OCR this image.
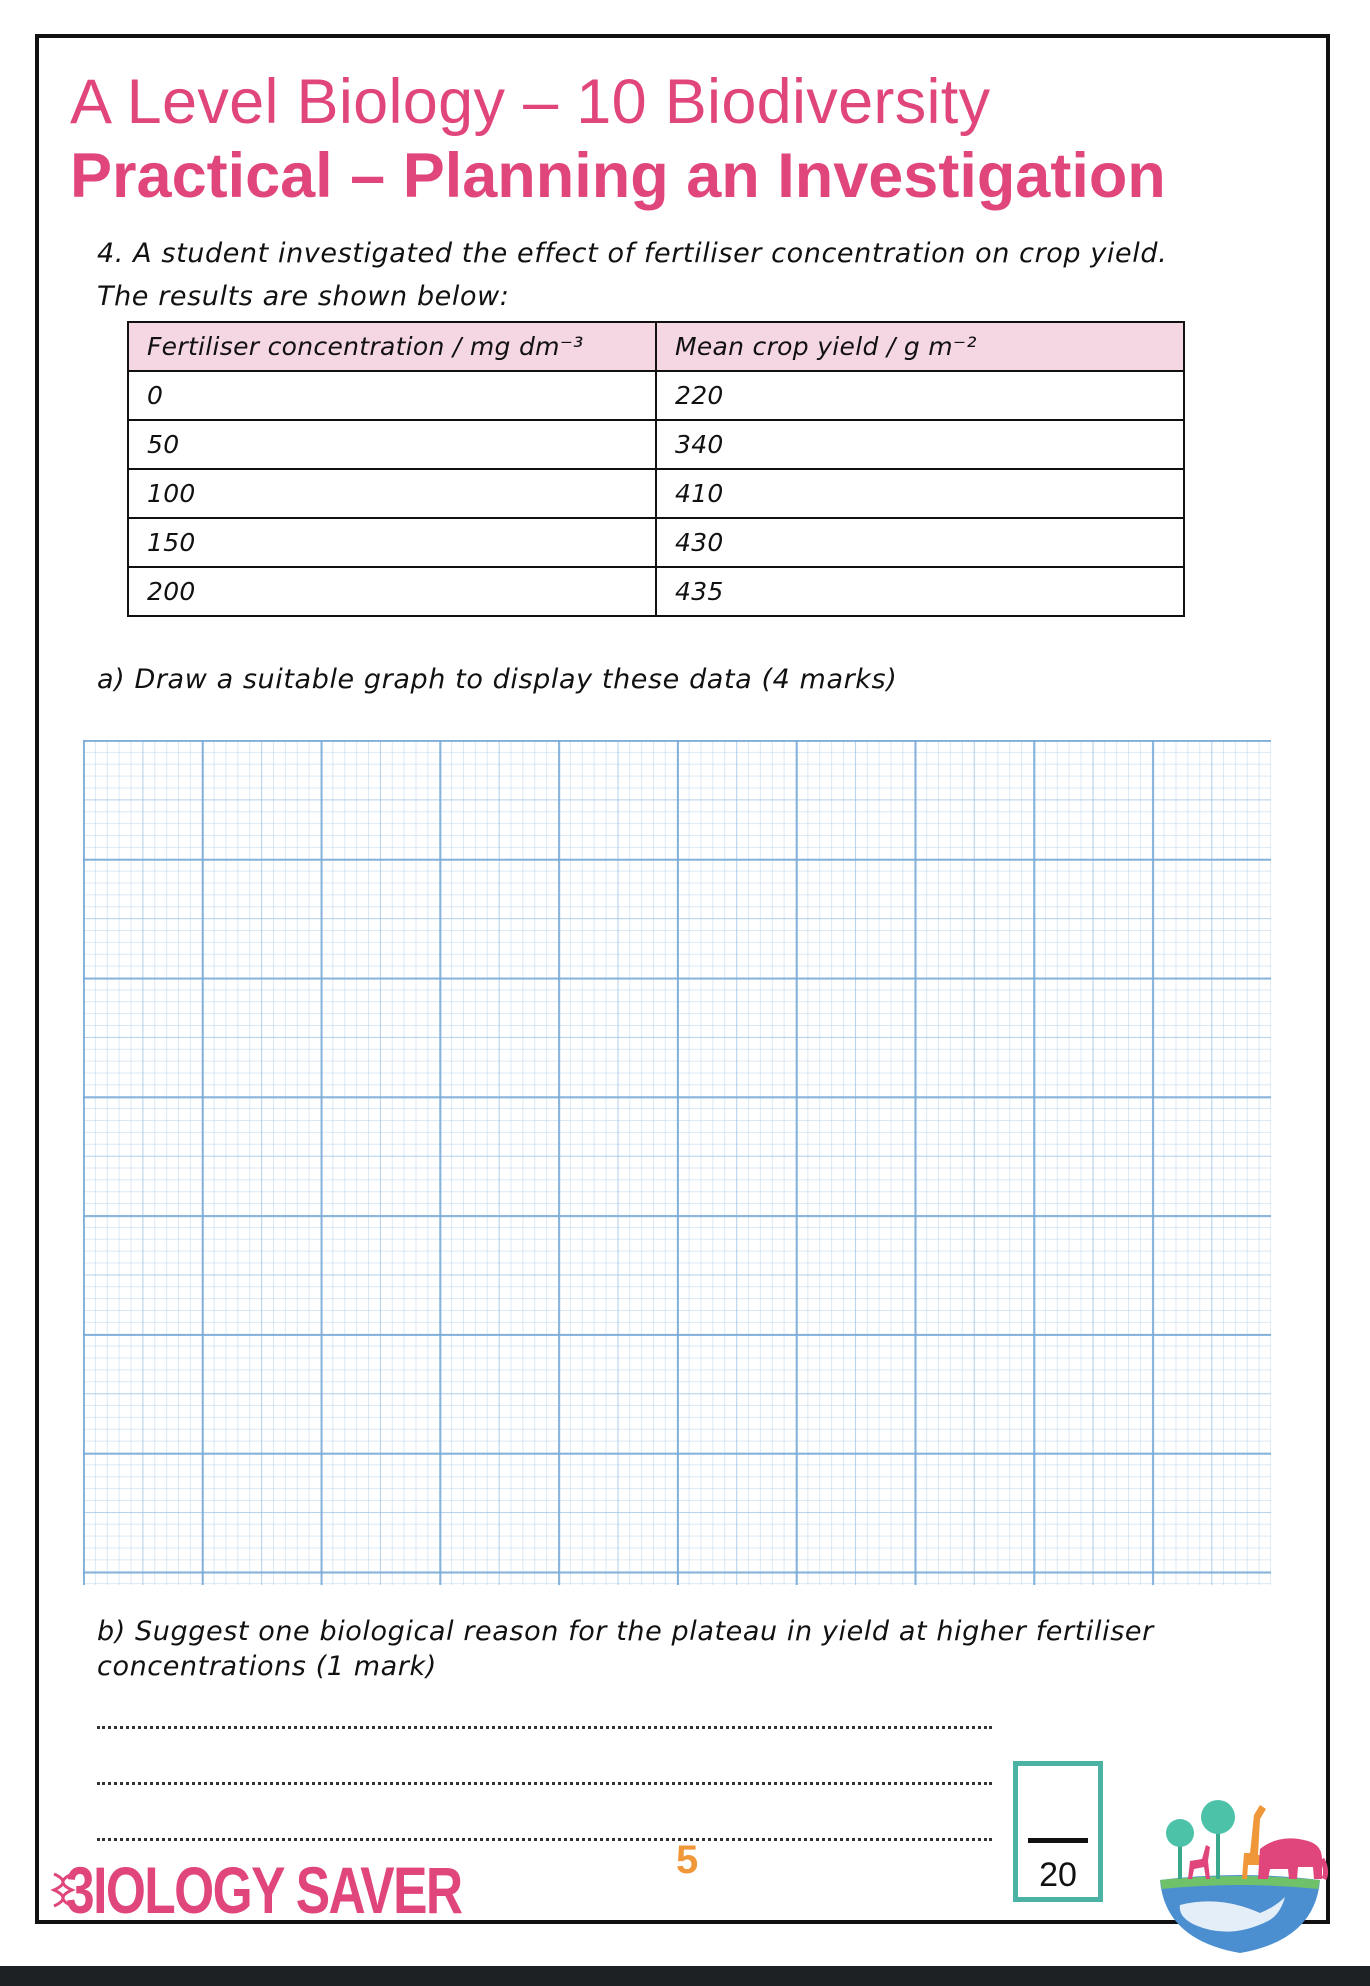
A Level Biology – 10 Biodiversity
Practical – Planning an Investigation
4. A student investigated the effect of fertiliser concentration on crop yield.
The results are shown below:
Fertiliser concentration / mg dm⁻³	Mean crop yield / g m⁻²
0	220
50	340
100	410
150	430
200	435
a) Draw a suitable graph to display these data (4 marks)
b) Suggest one biological reason for the plateau in yield at higher fertiliser
concentrations (1 mark)
20
5
3IOLOGY SAVER
